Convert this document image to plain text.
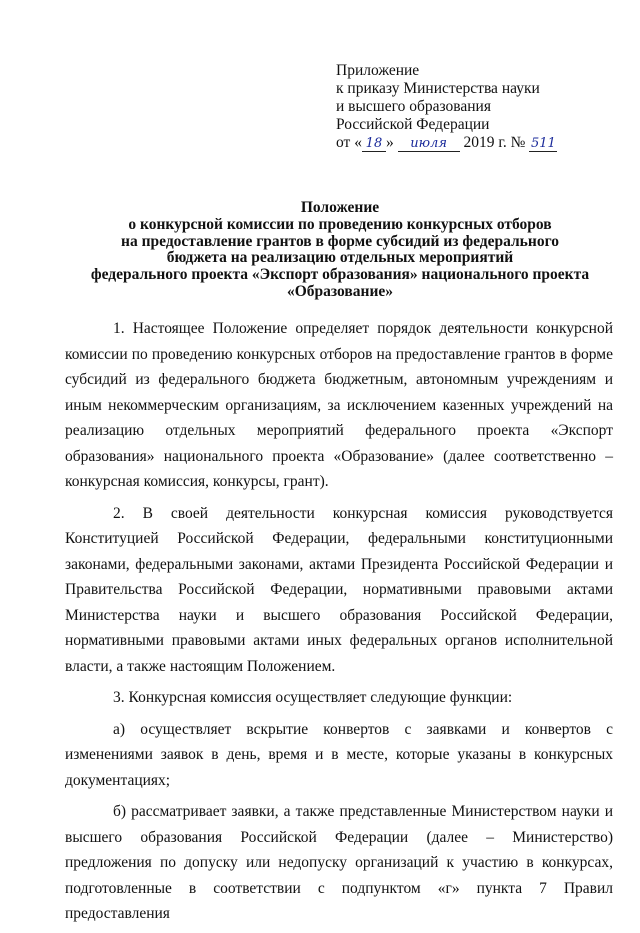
Приложение
к приказу Министерства науки
и высшего образования
Российской Федерации
от « 18 » июля 2019 г. № 511
Положение
о конкурсной комиссии по проведению конкурсных отборов
на предоставление грантов в форме субсидий из федерального
бюджета на реализацию отдельных мероприятий
федерального проекта «Экспорт образования» национального проекта
«Образование»

1. Настоящее Положение определяет порядок деятельности конкурсной комиссии по проведению конкурсных отборов на предоставление грантов в форме субсидий из федерального бюджета бюджетным, автономным учреждениям и иным некоммерческим организациям, за исключением казенных учреждений на реализацию отдельных мероприятий федерального проекта «Экспорт образования» национального проекта «Образование» (далее соответственно – конкурсная комиссия, конкурсы, грант).

2. В своей деятельности конкурсная комиссия руководствуется Конституцией Российской Федерации, федеральными конституционными законами, федеральными законами, актами Президента Российской Федерации и Правительства Российской Федерации, нормативными правовыми актами Министерства науки и высшего образования Российской Федерации, нормативными правовыми актами иных федеральных органов исполнительной власти, а также настоящим Положением.

3. Конкурсная комиссия осуществляет следующие функции:

а) осуществляет вскрытие конвертов с заявками и конвертов с изменениями заявок в день, время и в месте, которые указаны в конкурсных документациях;

б) рассматривает заявки, а также представленные Министерством науки и высшего образования Российской Федерации (далее – Министерство) предложения по допуску или недопуску организаций к участию в конкурсах, подготовленные в соответствии с подпунктом «г» пункта 7 Правил предоставления
